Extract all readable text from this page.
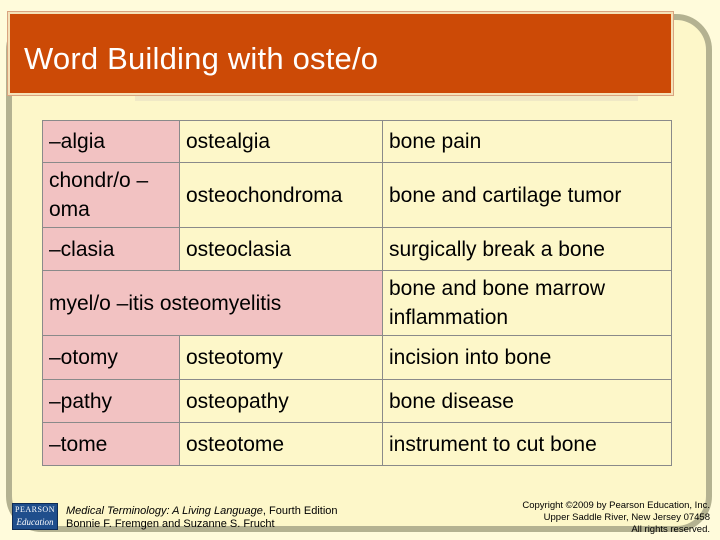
Word Building with oste/o
–algia	ostealgia	bone pain
chondr/o –oma	osteochondroma	bone and cartilage tumor
–clasia	osteoclasia	surgically break a bone
myel/o –itis osteomyelitis		bone and bone marrow inflammation
–otomy	osteotomy	incision into bone
–pathy	osteopathy	bone disease
–tome	osteotome	instrument to cut bone
PEARSON
Education
Medical Terminology: A Living Language, Fourth Edition
Bonnie F. Fremgen and Suzanne S. Frucht
Copyright ©2009 by Pearson Education, Inc.
Upper Saddle River, New Jersey 07458
All rights reserved.
